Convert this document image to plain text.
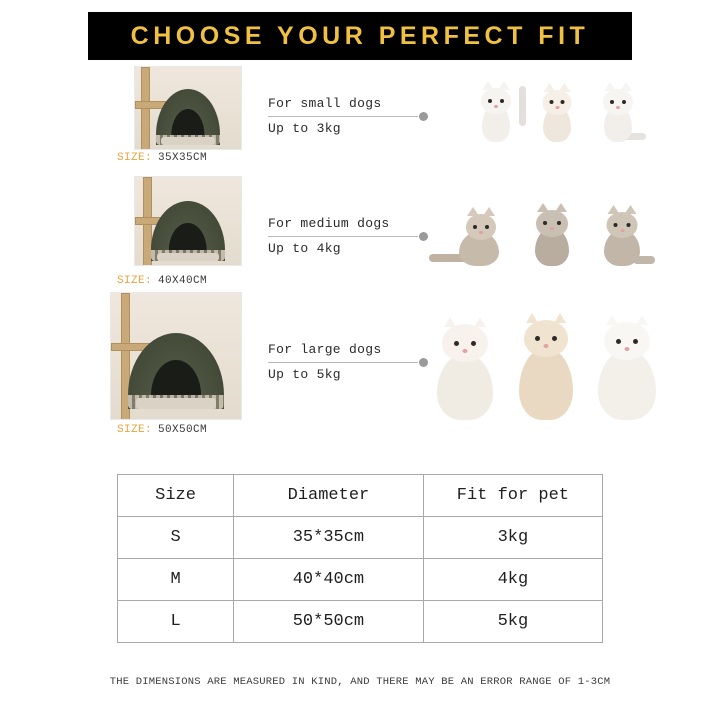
CHOOSE YOUR PERFECT FIT
SIZE: 35X35CM
For small dogs
Up to 3kg
SIZE: 40X40CM
For medium dogs
Up to 4kg
SIZE: 50X50CM
For large dogs
Up to 5kg
Size	Diameter	Fit for pet
S	35*35cm	3kg
M	40*40cm	4kg
L	50*50cm	5kg
THE DIMENSIONS ARE MEASURED IN KIND, AND THERE MAY BE AN ERROR RANGE OF 1-3CM
